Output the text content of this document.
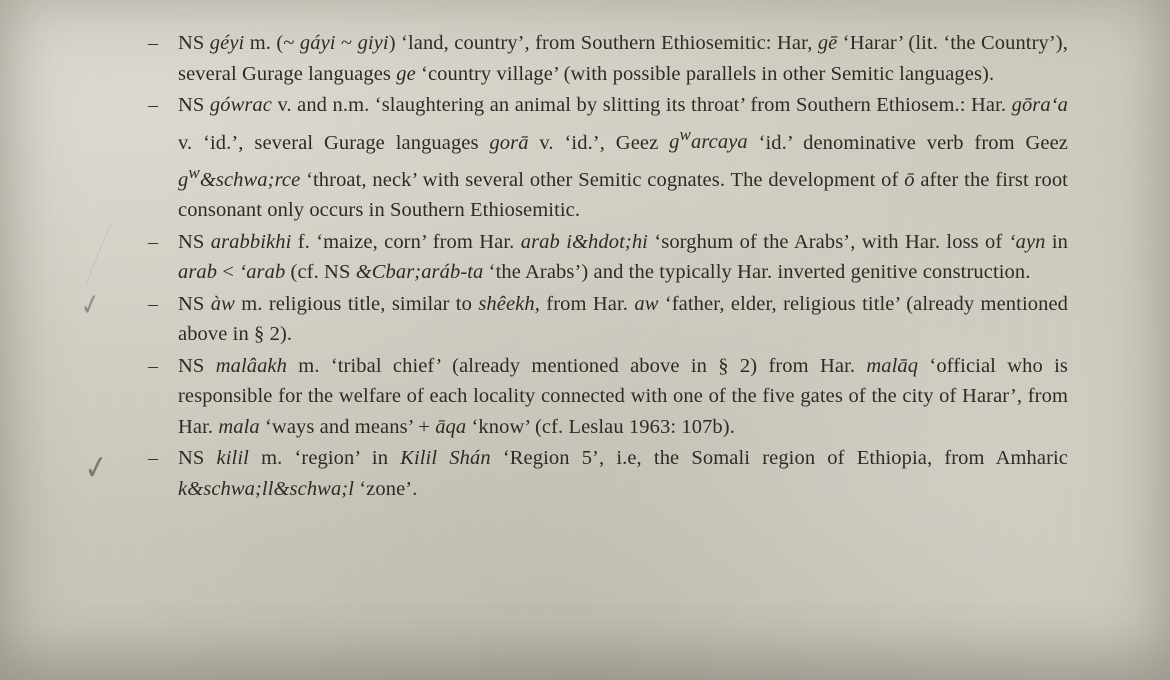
✓
✓
– NS géyi m. (~ gáyi ~ giyi) ‘land, country’, from Southern Ethiosemitic: Har, gē ‘Harar’ (lit. ‘the Country’), several Gurage languages ge ‘country village’ (with possible parallels in other Semitic languages).
– NS gówrac v. and n.m. ‘slaughtering an animal by slitting its throat’ from Southern Ethiosem.: Har. gōra‘a v. ‘id.’, several Gurage languages gorā v. ‘id.’, Geez $g^warcaya$ ‘id.’ denominative verb from Geez $g^w\&schwa;rce$ ‘throat, neck’ with several other Semitic cognates. The development of ō after the first root consonant only occurs in Southern Ethiosemitic.
– NS arabbikhi f. ‘maize, corn’ from Har. arab i&hdot;hi ‘sorghum of the Arabs’, with Har. loss of ‘ayn in arab < ‘arab (cf. NS &Cbar;aráb-ta ‘the Arabs’) and the typically Har. inverted genitive construction.
– NS àw m. religious title, similar to shêekh, from Har. aw ‘father, elder, religious title’ (already mentioned above in § 2).
– NS malâakh m. ‘tribal chief’ (already mentioned above in § 2) from Har. malāq ‘official who is responsible for the welfare of each locality connected with one of the five gates of the city of Harar’, from Har. mala ‘ways and means’ + āqa ‘know’ (cf. Leslau 1963: 107b).
– NS kilil m. ‘region’ in Kilil Shán ‘Region 5’, i.e, the Somali region of Ethiopia, from Amharic k&schwa;ll&schwa;l ‘zone’.
